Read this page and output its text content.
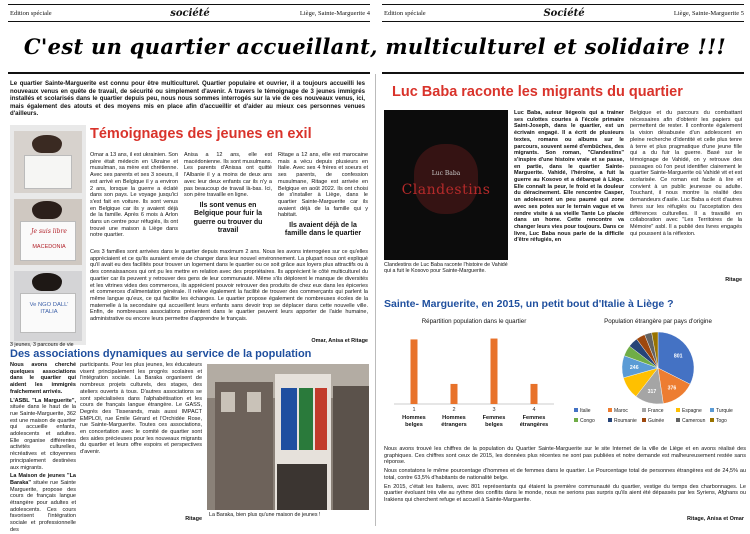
Edition spéciale	société	Liège, Sainte-Marguerite 4 Edition spéciale	Société	Liège, Sainte-Marguerite 5
C'est un quartier accueillant, multiculturel et solidaire !!!
Le quartier Sainte-Marguerite est connu pour être multiculturel. Quartier populaire et ouvrier, il a toujours accueilli les nouveaux venus en quête de travail, de sécurité ou simplement d'avenir. A travers le témoignage de 3 jeunes immigrés installés et scolarisés dans le quartier depuis peu, nous nous sommes interrogés sur la vie de ces nouveaux venus, ici, mais également des atouts et des moyens mis en place afin d'accueillir et d'aider au mieux ces personnes venues d'ailleurs.
Je suis libre
MACEDONIA
Ve NGO DALL' ITALIA
3 jeunes, 3 parcours de vie
Témoignages des jeunes en exil

Omar a 13 ans, il est ukrainien. Son père était médecin en Ukraine et musulman, sa mère est chrétienne. Avec ses parents et ses 3 soeurs, il est arrivé en Belgique il y a environ 2 ans, lorsque la guerre a éclaté dans son pays. Le voyage jusqu'ici s'est fait en voiture. Ils sont venus en Belgique car ils y avaient déjà de la famille. Après 6 mois à Arlon dans un centre pour réfugiés, ils ont trouvé une maison à Liège dans notre quartier.

Anisa a 12 ans, elle est macédonienne. Ils sont musulmans. Les parents d'Anissa ont quitté l'Albanie il y a moins de deux ans avec leur deux enfants car ils n'y a pas beaucoup de travail là-bas. Ici, son père travaille en ligne.

Ils sont venus en Belgique pour fuir la guerre ou trouver du travail

Ritage a 12 ans, elle est marocaine mais a vécu depuis plusieurs en Italie. Avec ses 4 frères et soeurs et ses parents, de confession musulmane, Ritage est arrivée en Belgique en août 2022. Ils ont choisi de s'installer à Liège, dans le quartier Sainte-Marguerite car ils avaient déjà de la famille qui y habitait.

Ils avaient déjà de la famille dans le quartier

Ces 3 familles sont arrivées dans le quartier depuis maximum 2 ans. Nous les avons interrogées sur ce qu'elles appréciaient et ce qu'ils auraient envie de changer dans leur nouvel environnement. La plupart nous ont expliqué qu'il avait eu des facilités pour trouver un logement dans le quartier ou ce soit grâce aux loyers plus attractifs ou à des connaissances qui ont pu les mettre en relation avec des propriétaires. Ils apprécient le côté multiculturel du quartier car ils peuvent y retrouver des gens de leur communauté. Même s'ils déplorent le manque de diversités et les vitrines vides des commerces, ils apprécient pouvoir retrouver des produits de chez eux dans les épiceries et commerces d'alimentation générale. Il relève également la facilité de trouver des commerçants qui parlent la même langue qu'eux, ce qui facilite les échanges. Le quartier propose également de nombreuses écoles de la maternelle à la secondaire qui accueillent leurs enfants sans devoir trop se déplacer dans cette nouvelle ville. Enfin, de nombreuses associations présentent dans le quartier peuvent leurs apporter de l'aide humaine, administrative ou encore leurs permettre d'apprendre le français.

Omar, Anisa et Ritage
Des associations dynamiques au service de la population

Nous avons cherché quelques associations dans le quartier qui aident les immigrés fraîchement arrivés.

L'ASBL "La Marguerite", située dans le haut de la rue Sainte-Marguerite, 362 est une maison de quartier qui accueille enfants, adolescents et adultes. Elle organise différentes activités culturelles, récréatives et citoyennes principalement destinées aux migrants.

La Maison de jeunes "La Baraka" située rue Sainte Marguerite, propose des cours de français langue étrangère pour adultes et adolescents. Ces cours favorisent l'intégration sociale et professionnelle des

participants. Pour les plus jeunes, les éducateurs visent principalement les progrès scolaires et l'intégration sociale. La Baraka organisent de nombreux projets culturels, des stages, des ateliers ouverts à tous. D'autres associations se sont spécialisées dans l'alphabétisation et les cours de français langue étrangère. Le GASS, Degrés des Tisserands, mais aussi IMPACT EMPLOI, rue Émile Gérard et l'Orchidée Rose, rue Sainte-Marguerite. Toutes ces associations, en concertation avec le comité de quartier sont des aides précieuses pour les nouveaux migrants du quartier et leurs offre espoirs et perspectives d'avenir.

Ritage
La Baraka, bien plus qu'une maison de jeunes !
Luc Baba raconte les migrants du quartier
Luc Baba
Clandestins
Clandestins de Luc Baba raconte l'histoire de Vahidé qui a fuit le Kosovo pour Sainte-Marguerite.

Luc Baba, auteur liégeois qui a trainer ses culottes courtes à l'école primaire Saint-Joseph, dans le quartier, est un écrivain engagé. Il a écrit de plusieurs textes, romans ou albums sur le parcours, souvent semé d'embûches, des migrants. Son roman, "Clandestins" s'inspire d'une histoire vraie et se passe, en partie, dans le quartier Sainte-Marguerite. Vahidé, l'héroïne, a fuit la guerre au Kosovo et a débarqué à Liège. Elle connaît la peur, le froid et la douleur du déracinement. Elle rencontre Casper, un adolescent un peu paumé qui zone avec ses potes sur le terrain vague et va rendre visite à sa vieille Tante Lo placée dans un home. Cette rencontre va changer leurs vies pour toujours. Dans ce livre, Luc Baba nous parle de la difficile d'être réfugiés, en

Belgique et du parcours du combattant nécessaires afin d'obtenir les papiers qui permettent de rester. Il confronte également la vision désabusée d'un adolescent en pleine recherche d'identité et celle plus tenre à terre et plus pragmatique d'une jeune fille qui a du fuir la guerre. Basé sur le témoignage de Vahidé, on y retrouve des passages où l'on peut identifier clairement le quartier Sainte-Marguerite où Vahidé vit et est scolarisée. Ce roman est facile à lire et convient à un public jeunesse ou adulte. Touchant, il nous montre la réalité des demandeurs d'asile. Luc Baba a écrit d'autres livres sur les réfugiés ou l'acceptation des différences culturelles. Il a travaillé en collaboration avec "Les Territoires de la Mémoire" asbl. Il a publié des livres engagés qui poussent à la réflexion.

Ritage
Sainte- Marguerite, en 2015, un petit bout d'Italie à Liège ?
Répartition population dans le quartier
1
Hommes
belges
2
Hommes
étrangers
3
Femmes
belges
4
Femmes
étrangères
Population étrangère par pays d'origine
801
376
317
246
Italie	Maroc	France	Espagne	Turquie
Congo	Roumanie Guinée	Cameroun Togo

Nous avons trouvé les chiffres de la population du Quartier Sainte-Marguerite sur le site Internet de la ville de Liège et en avons réalisé des graphiques. Ces chiffres sont ceux de 2015, les données plus récentes ne sont pas publiées et notre demande est malheureusement restée sans réponse.

Nous constatons le même pourcentage d'hommes et de femmes dans le quartier. Le Pourcentage total de personnes étrangères est de 24,5% au total, contre 63,5% d'habitants de nationalité belge.

En 2015, c'était les Italiens, avec 801 représentants qui étaient la première communauté du quartier, vestige du temps des charbonnages. Le quartier évoluant très vite au rythme des conflits dans le monde, nous ne serions pas surpris qu'ils aient été dépassés par les Syriens, Afghans ou Irakiens qui cherchent refuge et accueil à Sainte-Marguerite.

Ritage, Anisa et Omar
